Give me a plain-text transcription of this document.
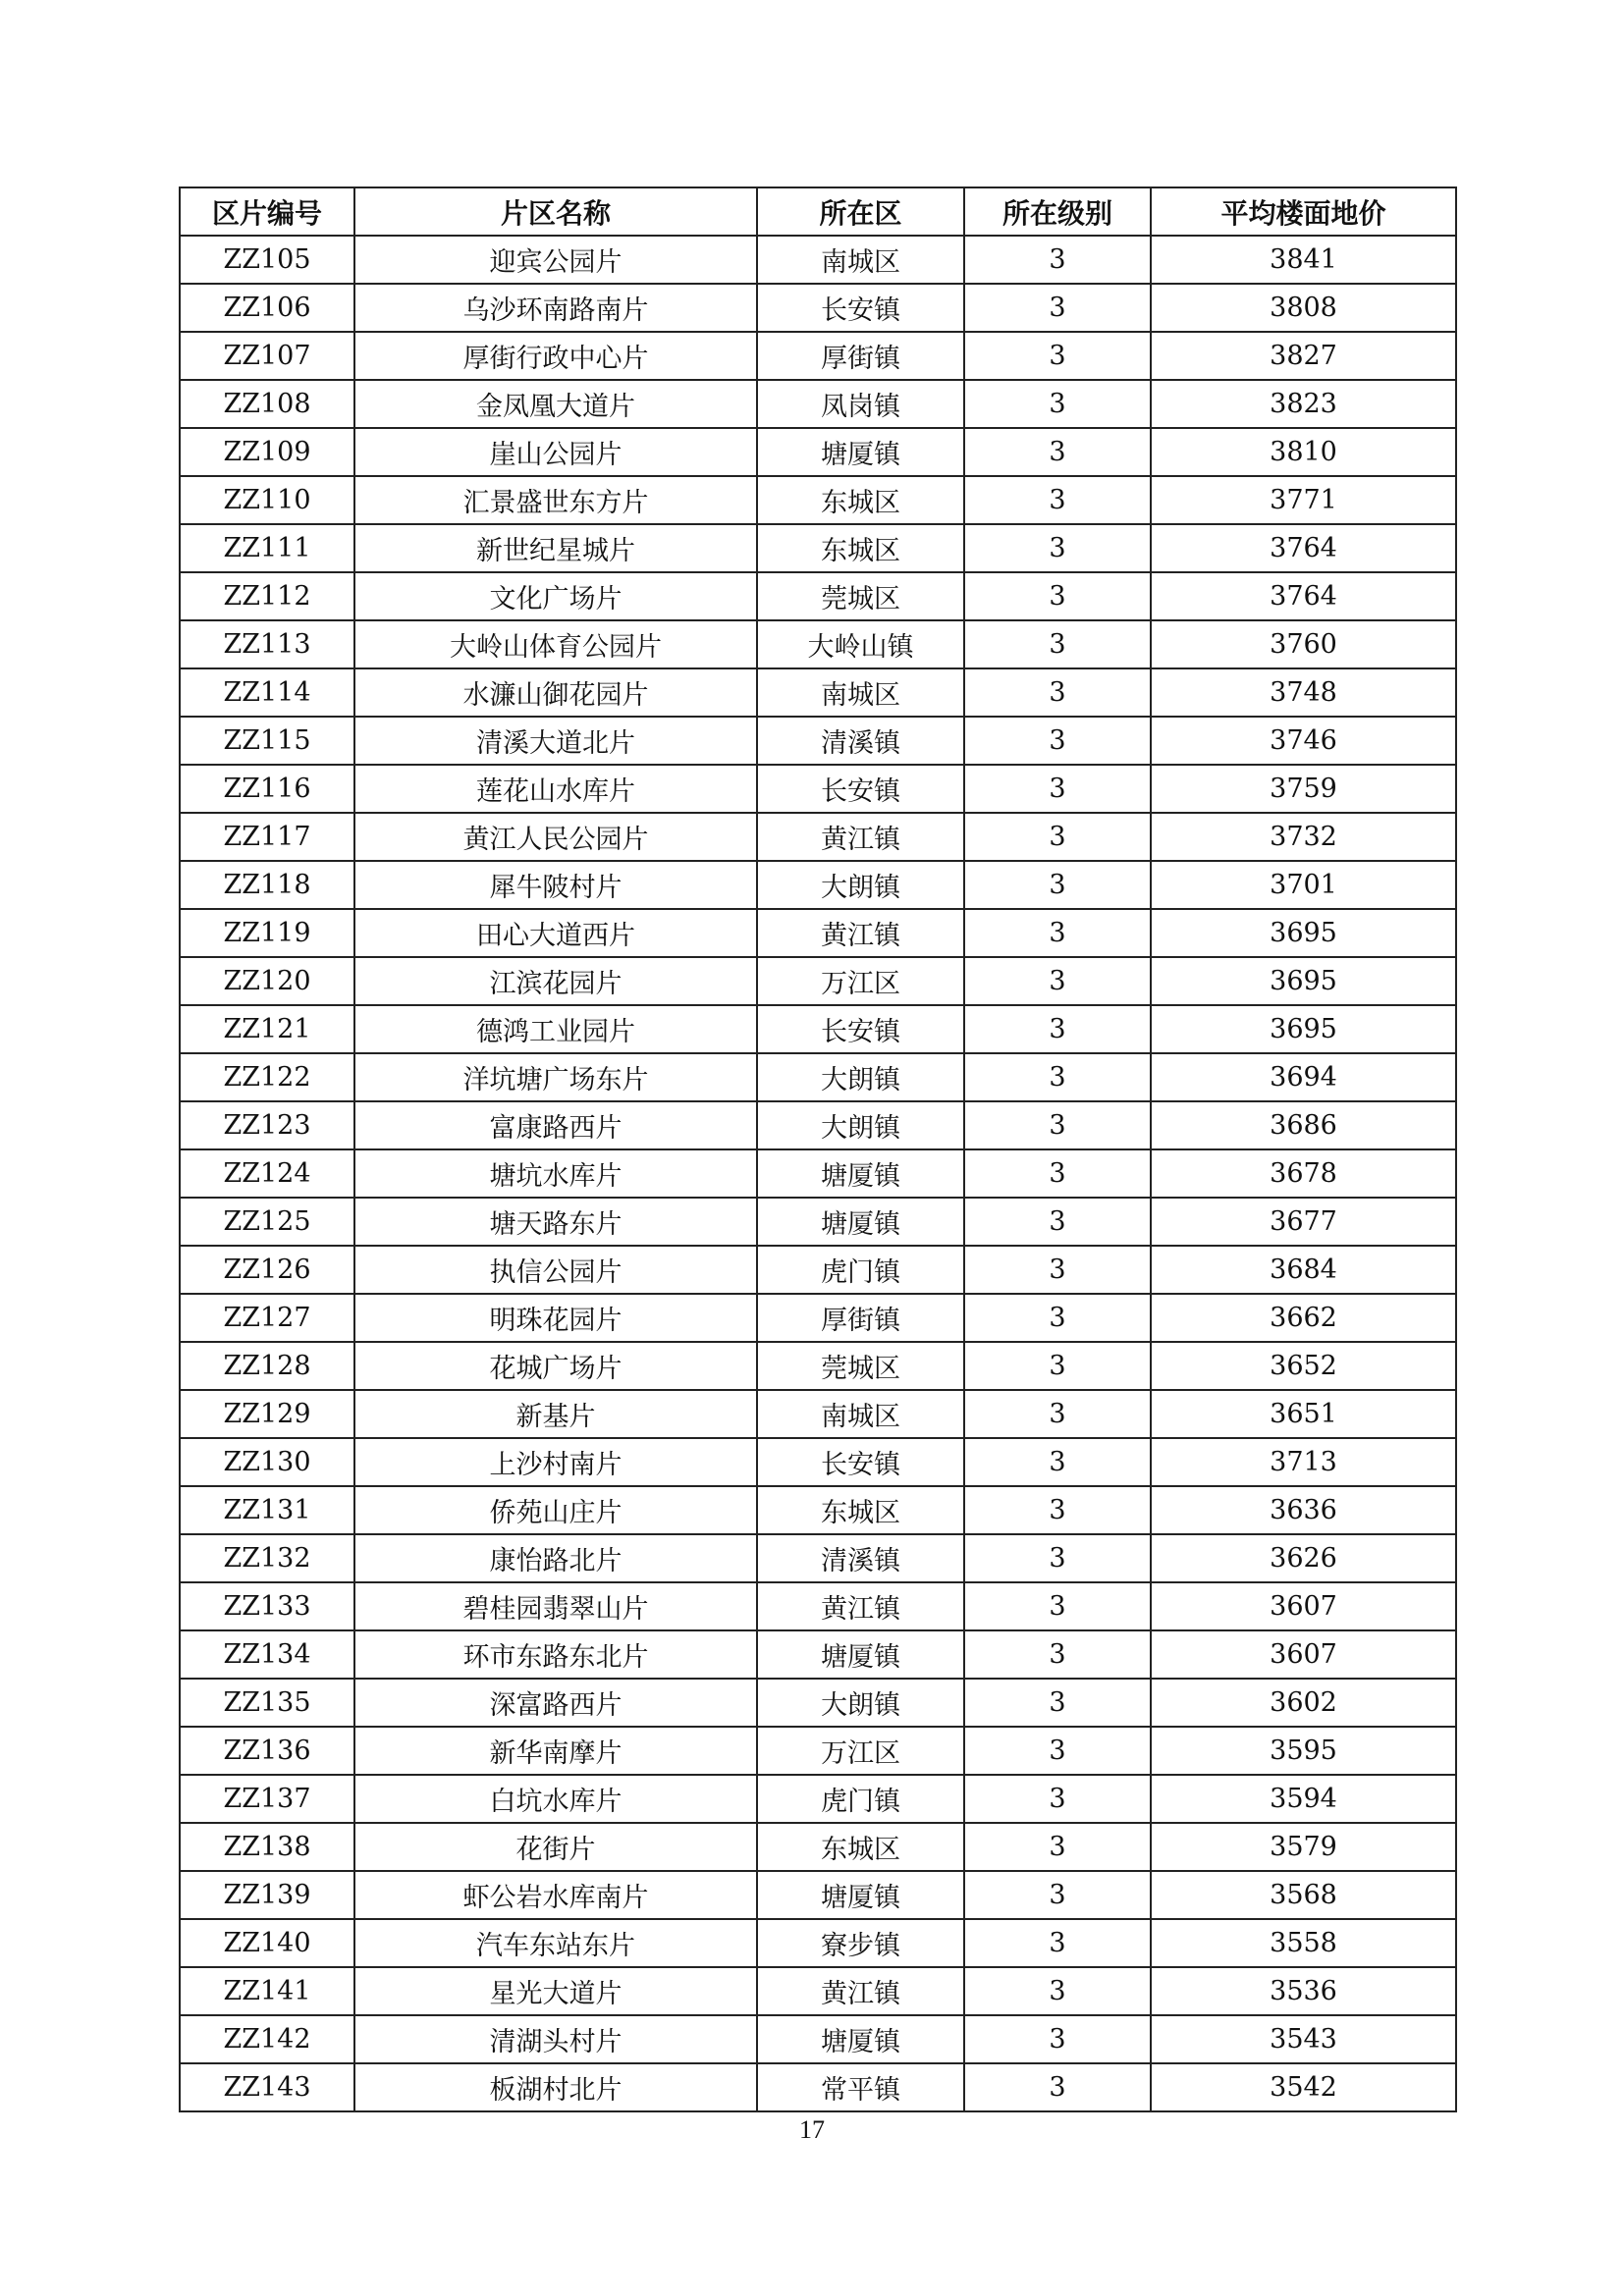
区片编号	片区名称	所在区	所在级别	平均楼面地价
ZZ105	迎宾公园片	南城区	3	3841
ZZ106	乌沙环南路南片	长安镇	3	3808
ZZ107	厚街行政中心片	厚街镇	3	3827
ZZ108	金凤凰大道片	凤岗镇	3	3823
ZZ109	崖山公园片	塘厦镇	3	3810
ZZ110	汇景盛世东方片	东城区	3	3771
ZZ111	新世纪星城片	东城区	3	3764
ZZ112	文化广场片	莞城区	3	3764
ZZ113	大岭山体育公园片	大岭山镇	3	3760
ZZ114	水濂山御花园片	南城区	3	3748
ZZ115	清溪大道北片	清溪镇	3	3746
ZZ116	莲花山水库片	长安镇	3	3759
ZZ117	黄江人民公园片	黄江镇	3	3732
ZZ118	犀牛陂村片	大朗镇	3	3701
ZZ119	田心大道西片	黄江镇	3	3695
ZZ120	江滨花园片	万江区	3	3695
ZZ121	德鸿工业园片	长安镇	3	3695
ZZ122	洋坑塘广场东片	大朗镇	3	3694
ZZ123	富康路西片	大朗镇	3	3686
ZZ124	塘坑水库片	塘厦镇	3	3678
ZZ125	塘天路东片	塘厦镇	3	3677
ZZ126	执信公园片	虎门镇	3	3684
ZZ127	明珠花园片	厚街镇	3	3662
ZZ128	花城广场片	莞城区	3	3652
ZZ129	新基片	南城区	3	3651
ZZ130	上沙村南片	长安镇	3	3713
ZZ131	侨苑山庄片	东城区	3	3636
ZZ132	康怡路北片	清溪镇	3	3626
ZZ133	碧桂园翡翠山片	黄江镇	3	3607
ZZ134	环市东路东北片	塘厦镇	3	3607
ZZ135	深富路西片	大朗镇	3	3602
ZZ136	新华南摩片	万江区	3	3595
ZZ137	白坑水库片	虎门镇	3	3594
ZZ138	花街片	东城区	3	3579
ZZ139	虾公岩水库南片	塘厦镇	3	3568
ZZ140	汽车东站东片	寮步镇	3	3558
ZZ141	星光大道片	黄江镇	3	3536
ZZ142	清湖头村片	塘厦镇	3	3543
ZZ143	板湖村北片	常平镇	3	3542
17
